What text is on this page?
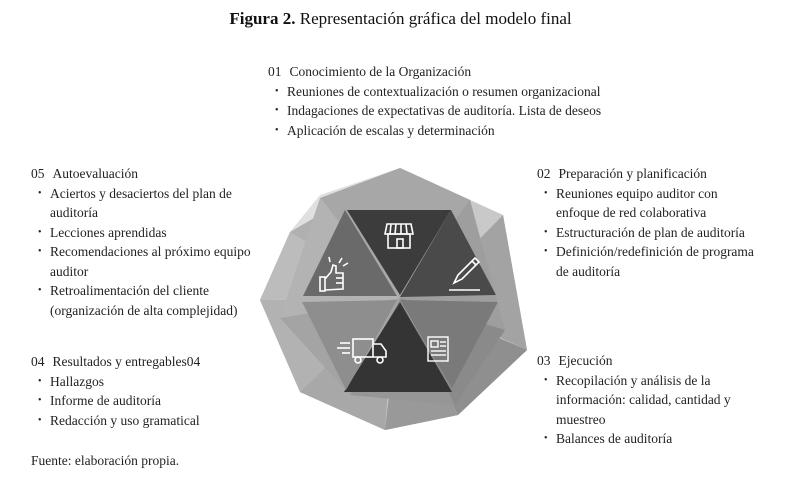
Figura 2. Representación gráfica del modelo final
01 Conocimiento de la Organización
• Reuniones de contextualización o resumen organizacional
• Indagaciones de expectativas de auditoría. Lista de deseos
• Aplicación de escalas y determinación
02 Preparación y planificación
• Reuniones equipo auditor con enfoque de red colaborativa
• Estructuración de plan de auditoría
• Definición/redefinición de programa de auditoría
03 Ejecución
• Recopilación y análisis de la información: calidad, cantidad y muestreo
• Balances de auditoría
04 Resultados y entregables04
• Hallazgos
• Informe de auditoría
• Redacción y uso gramatical
05 Autoevaluación
• Aciertos y desaciertos del plan de auditoría
• Lecciones aprendidas
• Recomendaciones al próximo equipo auditor
• Retroalimentación del cliente (organización de alta complejidad)
Fuente: elaboración propia.
